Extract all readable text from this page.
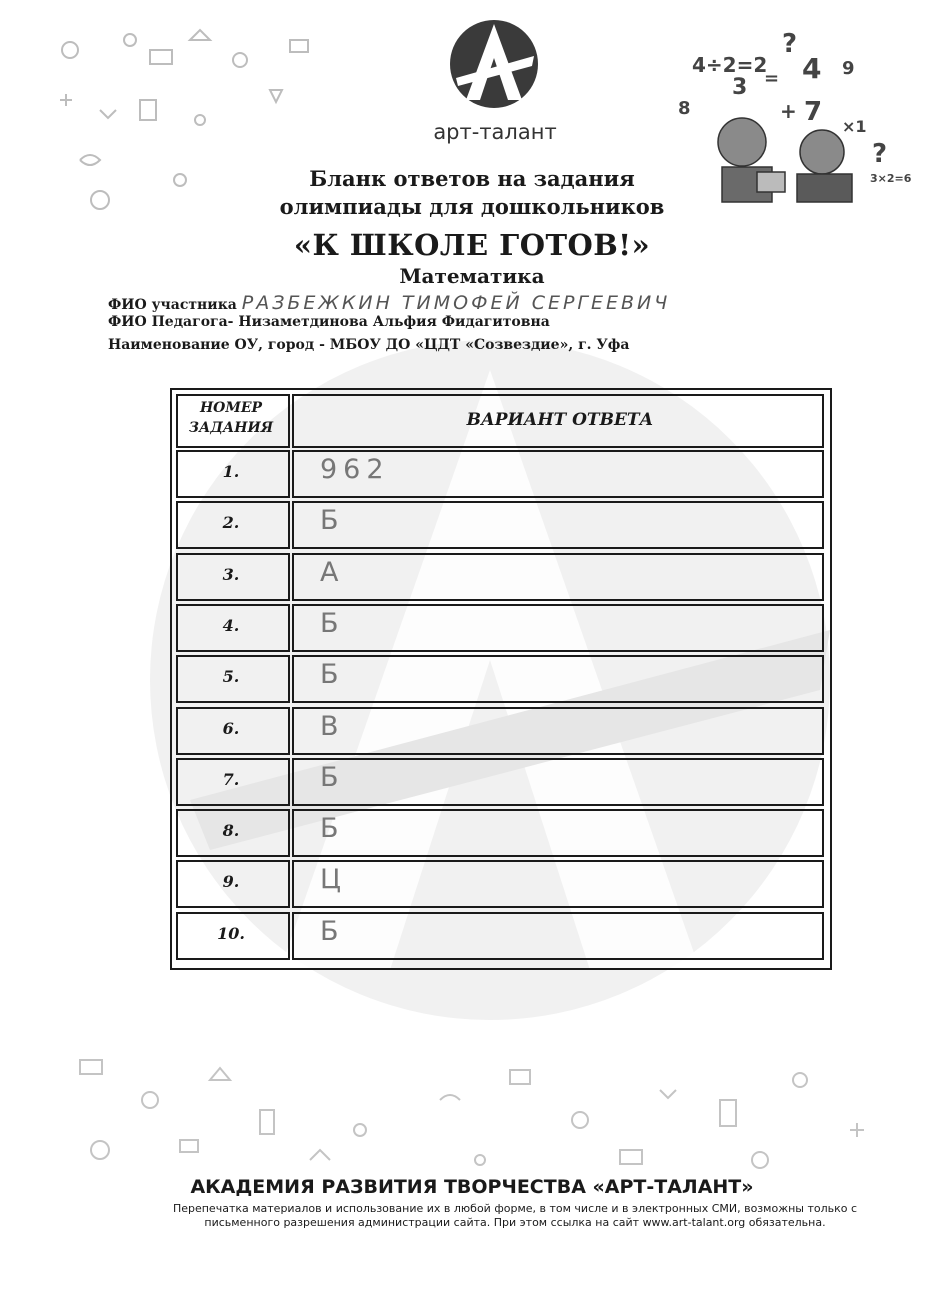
арт-талант
4÷2=2
?
3 = 4 9
+ 7
8
×1
?
3×2=6
Бланк ответов на задания
олимпиады для дошкольников
«К ШКОЛЕ ГОТОВ!»
Математика
ФИО участника РАЗБЕЖКИН ТИМОФЕЙ СЕРГЕЕВИЧ
ФИО Педагога- Низаметдинова Альфия Фидагитовна
Наименование ОУ, город - МБОУ ДО «ЦДТ «Созвездие», г. Уфа
НОМЕР ЗАДАНИЯ	ВАРИАНТ ОТВЕТА
1.	962
2.	Б
3.	А
4.	Б
5.	Б
6.	В
7.	Б
8.	Б
9.	Ц
10.	Б
АКАДЕМИЯ РАЗВИТИЯ ТВОРЧЕСТВА «АРТ-ТАЛАНТ»
Перепечатка материалов и использование их в любой форме, в том числе и в электронных СМИ, возможны только с
письменного разрешения администрации сайта. При этом ссылка на сайт www.art-talant.org обязательна.
